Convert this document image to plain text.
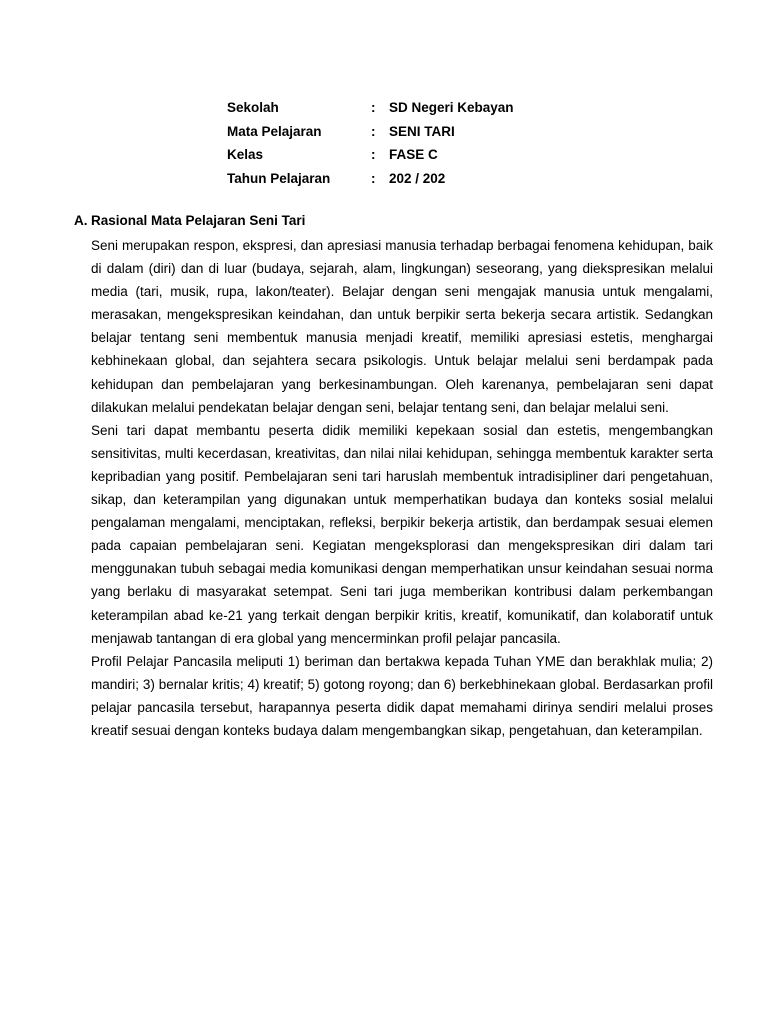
Sekolah	:	SD Negeri Kebayan
Mata Pelajaran	:	SENI TARI
Kelas	:	FASE C
Tahun Pelajaran	:	202 / 202
A. Rasional Mata Pelajaran Seni Tari

Seni merupakan respon, ekspresi, dan apresiasi manusia terhadap berbagai fenomena kehidupan, baik di dalam (diri) dan di luar (budaya, sejarah, alam, lingkungan) seseorang, yang diekspresikan melalui media (tari, musik, rupa, lakon/teater). Belajar dengan seni mengajak manusia untuk mengalami, merasakan, mengekspresikan keindahan, dan untuk berpikir serta bekerja secara artistik. Sedangkan belajar tentang seni membentuk manusia menjadi kreatif, memiliki apresiasi estetis, menghargai kebhinekaan global, dan sejahtera secara psikologis. Untuk belajar melalui seni berdampak pada kehidupan dan pembelajaran yang berkesinambungan. Oleh karenanya, pembelajaran seni dapat dilakukan melalui pendekatan belajar dengan seni, belajar tentang seni, dan belajar melalui seni.

Seni tari dapat membantu peserta didik memiliki kepekaan sosial dan estetis, mengembangkan sensitivitas, multi kecerdasan, kreativitas, dan nilai nilai kehidupan, sehingga membentuk karakter serta kepribadian yang positif. Pembelajaran seni tari haruslah membentuk intradisipliner dari pengetahuan, sikap, dan keterampilan yang digunakan untuk memperhatikan budaya dan konteks sosial melalui pengalaman mengalami, menciptakan, refleksi, berpikir bekerja artistik, dan berdampak sesuai elemen pada capaian pembelajaran seni. Kegiatan mengeksplorasi dan mengekspresikan diri dalam tari menggunakan tubuh sebagai media komunikasi dengan memperhatikan unsur keindahan sesuai norma yang berlaku di masyarakat setempat. Seni tari juga memberikan kontribusi dalam perkembangan keterampilan abad ke-21 yang terkait dengan berpikir kritis, kreatif, komunikatif, dan kolaboratif untuk menjawab tantangan di era global yang mencerminkan profil pelajar pancasila.

Profil Pelajar Pancasila meliputi 1) beriman dan bertakwa kepada Tuhan YME dan berakhlak mulia; 2) mandiri; 3) bernalar kritis; 4) kreatif; 5) gotong royong; dan 6) berkebhinekaan global. Berdasarkan profil pelajar pancasila tersebut, harapannya peserta didik dapat memahami dirinya sendiri melalui proses kreatif sesuai dengan konteks budaya dalam mengembangkan sikap, pengetahuan, dan keterampilan.
